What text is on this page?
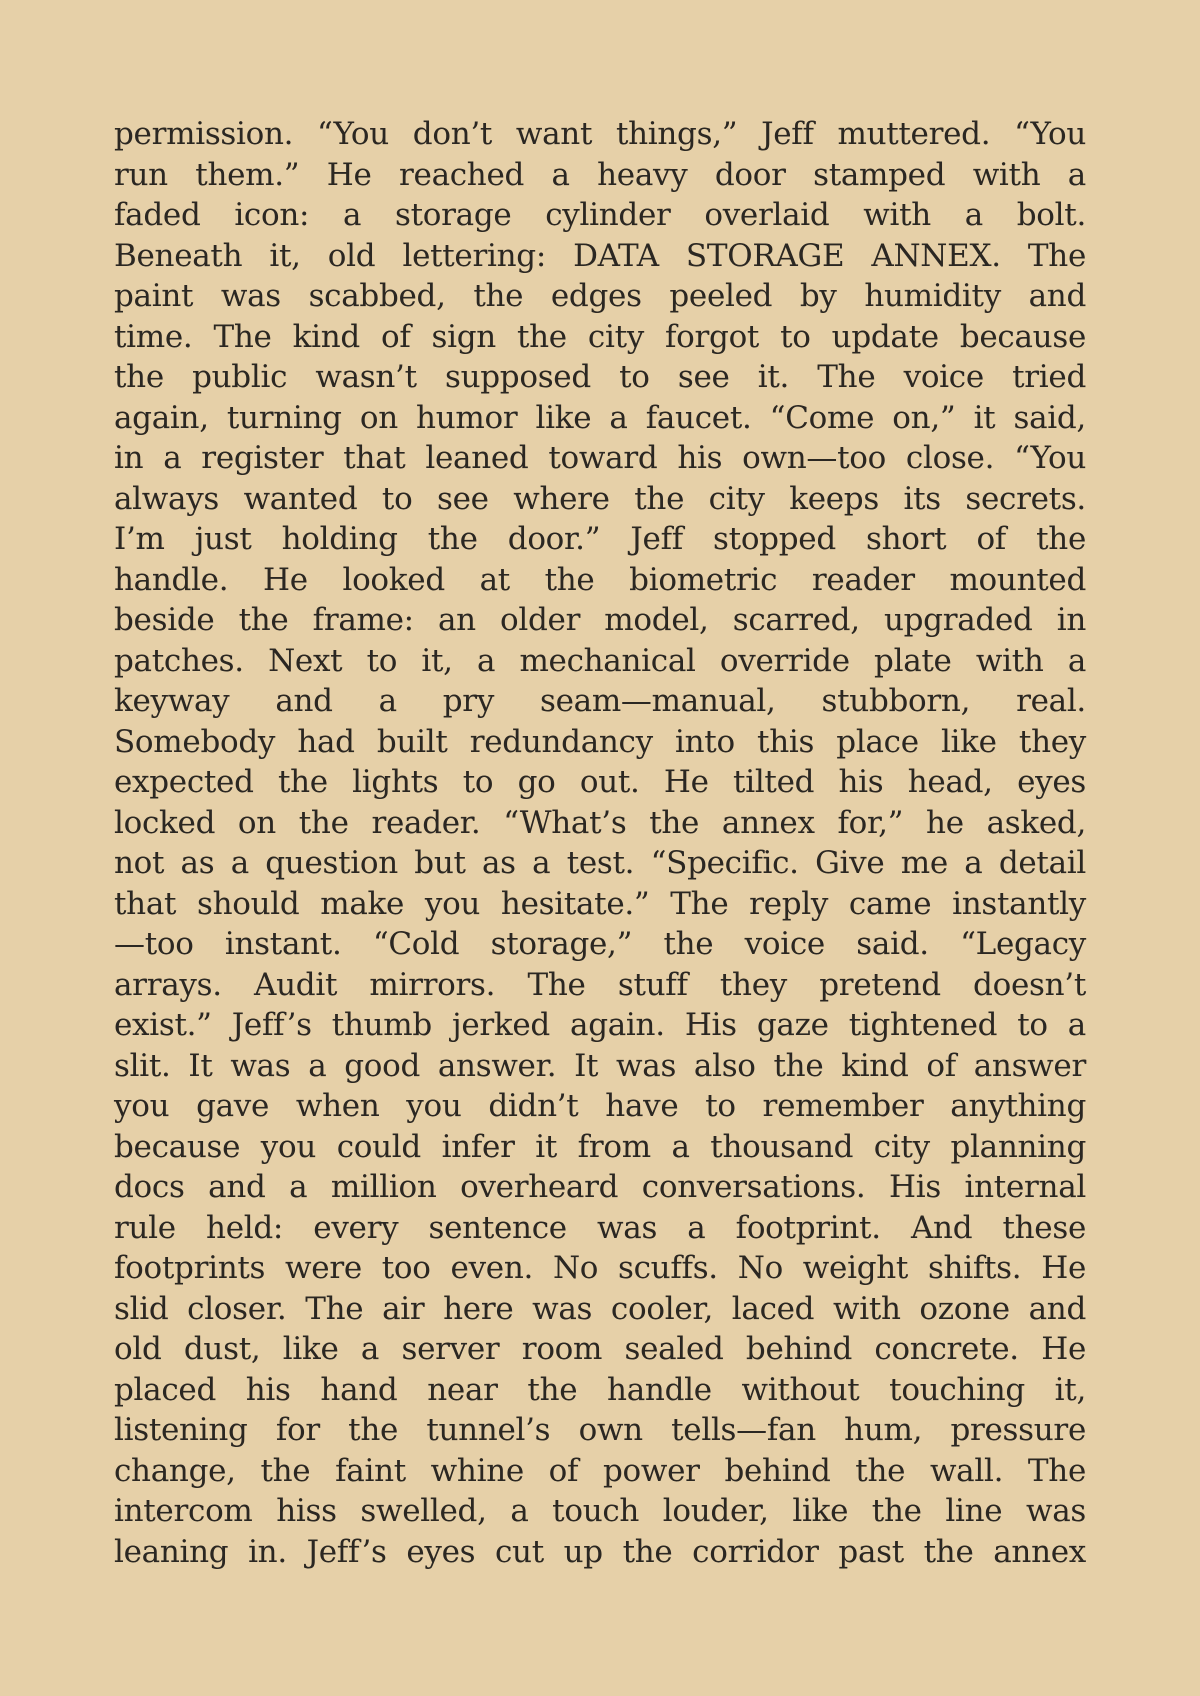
permission. “You don’t want things,” Jeff muttered. “You
run them.” He reached a heavy door stamped with a
faded icon: a storage cylinder overlaid with a bolt.
Beneath it, old lettering: DATA STORAGE ANNEX. The
paint was scabbed, the edges peeled by humidity and
time. The kind of sign the city forgot to update because
the public wasn’t supposed to see it. The voice tried
again, turning on humor like a faucet. “Come on,” it said,
in a register that leaned toward his own—too close. “You
always wanted to see where the city keeps its secrets.
I’m just holding the door.” Jeff stopped short of the
handle. He looked at the biometric reader mounted
beside the frame: an older model, scarred, upgraded in
patches. Next to it, a mechanical override plate with a
keyway and a pry seam—manual, stubborn, real.
Somebody had built redundancy into this place like they
expected the lights to go out. He tilted his head, eyes
locked on the reader. “What’s the annex for,” he asked,
not as a question but as a test. “Specific. Give me a detail
that should make you hesitate.” The reply came instantly
—too instant. “Cold storage,” the voice said. “Legacy
arrays. Audit mirrors. The stuff they pretend doesn’t
exist.” Jeff’s thumb jerked again. His gaze tightened to a
slit. It was a good answer. It was also the kind of answer
you gave when you didn’t have to remember anything
because you could infer it from a thousand city planning
docs and a million overheard conversations. His internal
rule held: every sentence was a footprint. And these
footprints were too even. No scuffs. No weight shifts. He
slid closer. The air here was cooler, laced with ozone and
old dust, like a server room sealed behind concrete. He
placed his hand near the handle without touching it,
listening for the tunnel’s own tells—fan hum, pressure
change, the faint whine of power behind the wall. The
intercom hiss swelled, a touch louder, like the line was
leaning in. Jeff’s eyes cut up the corridor past the annex
